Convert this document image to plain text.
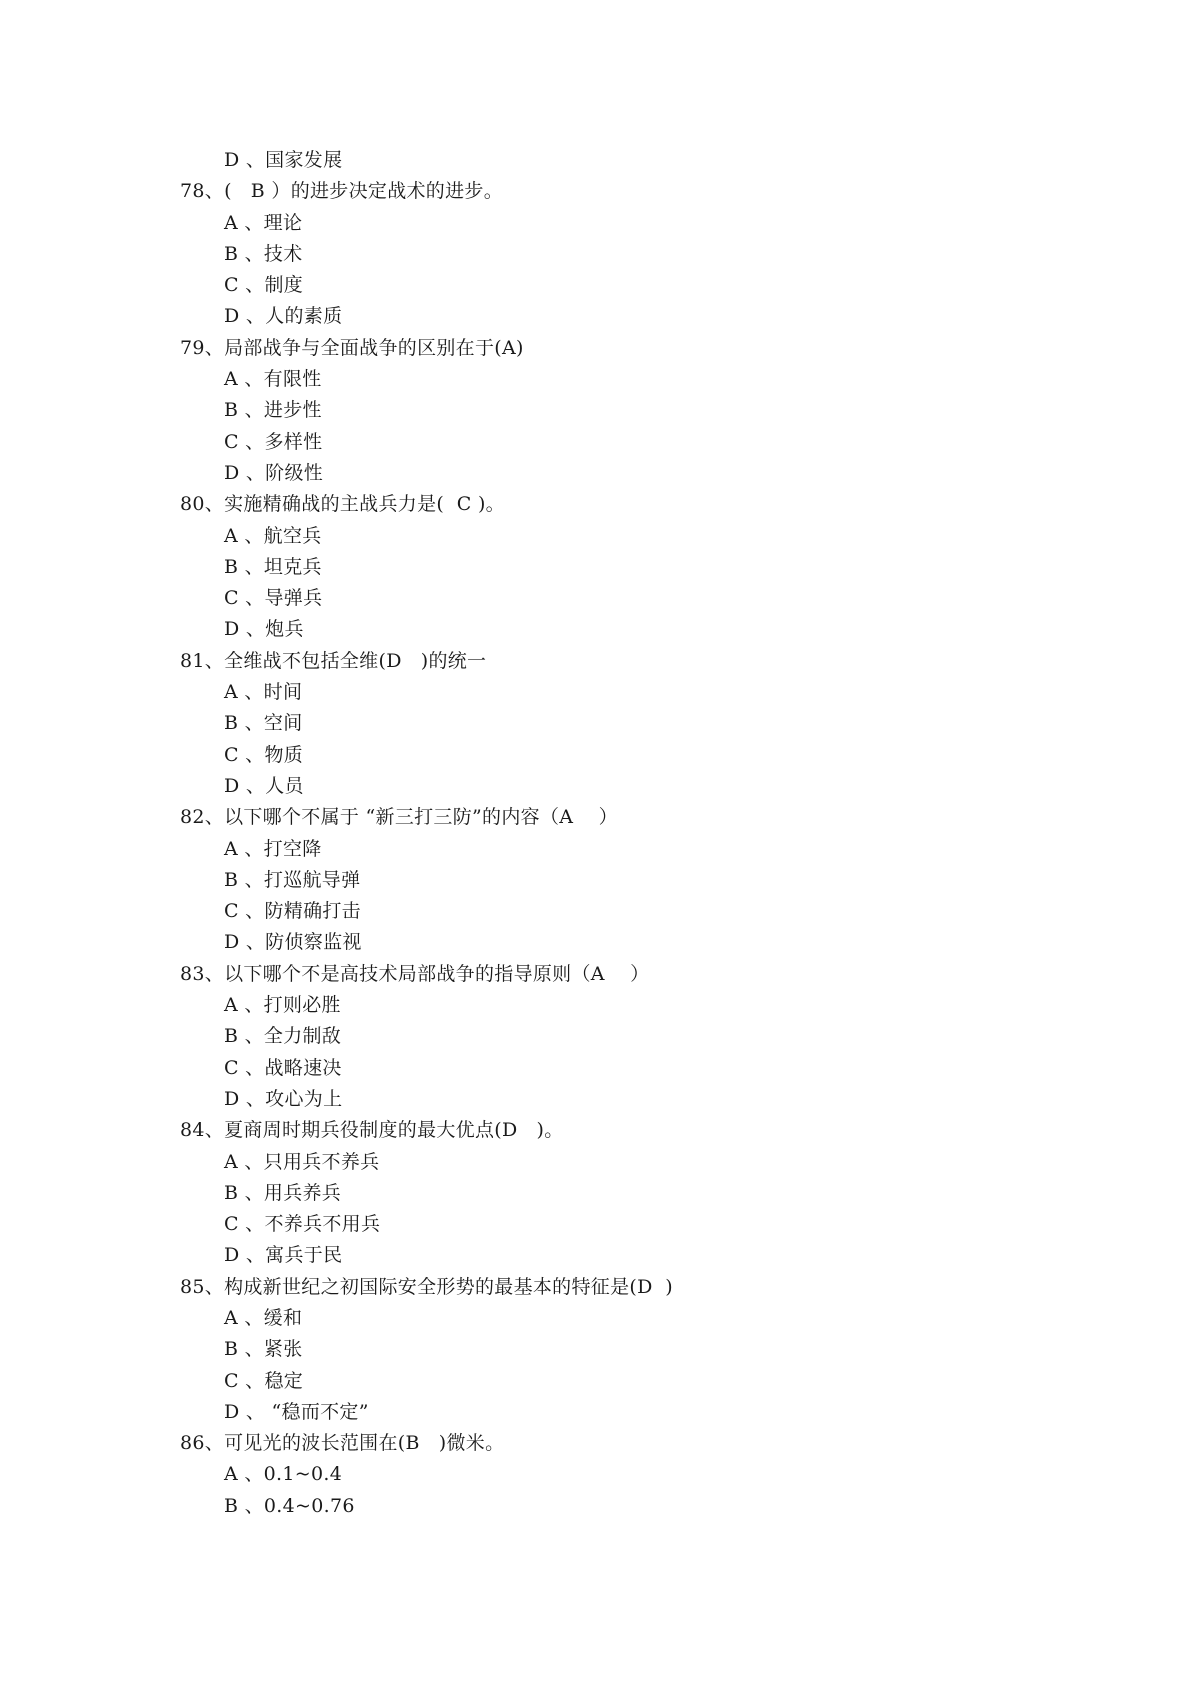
D 、国家发展
78、(   B ）的进步决定战术的进步。
A 、理论
B 、技术
C 、制度
D 、人的素质
79、局部战争与全面战争的区别在于(A)
A 、有限性
B 、进步性
C 、多样性
D 、阶级性
80、实施精确战的主战兵力是(  C )。
A 、航空兵
B 、坦克兵
C 、导弹兵
D 、炮兵
81、全维战不包括全维(D   )的统一
A 、时间
B 、空间
C 、物质
D 、人员
82、以下哪个不属于 “新三打三防”的内容（A    ）
A 、打空降
B 、打巡航导弹
C 、防精确打击
D 、防侦察监视
83、以下哪个不是高技术局部战争的指导原则（A    ）
A 、打则必胜
B 、全力制敌
C 、战略速决
D 、攻心为上
84、夏商周时期兵役制度的最大优点(D   )。
A 、只用兵不养兵
B 、用兵养兵
C 、不养兵不用兵
D 、寓兵于民
85、构成新世纪之初国际安全形势的最基本的特征是(D  )
A 、缓和
B 、紧张
C 、稳定
D 、 “稳而不定”
86、可见光的波长范围在(B   )微米。
A 、0.1~0.4
B 、0.4~0.76
